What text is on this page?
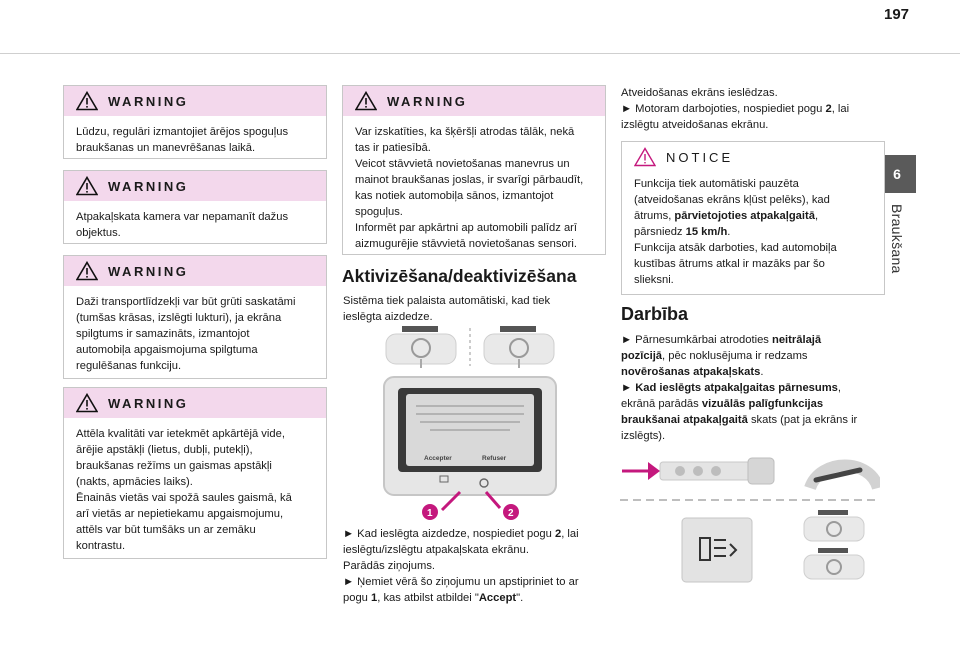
197
6
Braukšana
WARNING
Lūdzu, regulāri izmantojiet ārējos spoguļus
braukšanas un manevrēšanas laikā.
WARNING
Atpakaļskata kamera var nepamanīt dažus
objektus.
WARNING
Daži transportlīdzekļi var būt grūti saskatāmi
(tumšas krāsas, izslēgti lukturi), ja ekrāna
spilgtums ir samazināts, izmantojot
automobiļa apgaismojuma spilgtuma
regulēšanas funkciju.
WARNING
Attēla kvalitāti var ietekmēt apkārtējā vide,
ārējie apstākļi (lietus, dubļi, putekļi),
braukšanas režīms un gaismas apstākļi
(nakts, apmācies laiks).
Ēnainās vietās vai spožā saules gaismā, kā
arī vietās ar nepietiekamu apgaismojumu,
attēls var būt tumšāks un ar zemāku
kontrastu.
WARNING
Var izskatīties, ka šķēršļi atrodas tālāk, nekā
tas ir patiesībā.
Veicot stāvvietā novietošanas manevrus un
mainot braukšanas joslas, ir svarīgi pārbaudīt,
kas notiek automobiļa sānos, izmantojot
spoguļus.
Informēt par apkārtni ap automobili palīdz arī
aizmugurējie stāvvietā novietošanas sensori.
Aktivizēšana/deaktivizēšana
Sistēma tiek palaista automātiski, kad tiek
ieslēgta aizdedze.
Accepter	Refuser
1	2
► Kad ieslēgta aizdedze, nospiediet pogu 2, lai
ieslēgtu/izslēgtu atpakaļskata ekrānu.
Parādās ziņojums.
► Ņemiet vērā šo ziņojumu un apstipriniet to ar
pogu 1, kas atbilst atbildei "Accept".
Atveidošanas ekrāns ieslēdzas.
► Motoram darbojoties, nospiediet pogu 2, lai
izslēgtu atveidošanas ekrānu.
NOTICE
Funkcija tiek automātiski pauzēta
(atveidošanas ekrāns kļūst pelēks), kad
ātrums, pārvietojoties atpakaļgaitā,
pārsniedz 15 km/h.
Funkcija atsāk darboties, kad automobiļa
kustības ātrums atkal ir mazāks par šo
slieksni.
Darbība
► Pārnesumkārbai atrodoties neitrālajā
pozīcijā, pēc noklusējuma ir redzams
novērošanas atpakaļskats.
► Kad ieslēgts atpakaļgaitas pārnesums,
ekrānā parādās vizuālās palīgfunkcijas
braukšanai atpakaļgaitā skats (pat ja ekrāns ir
izslēgts).
